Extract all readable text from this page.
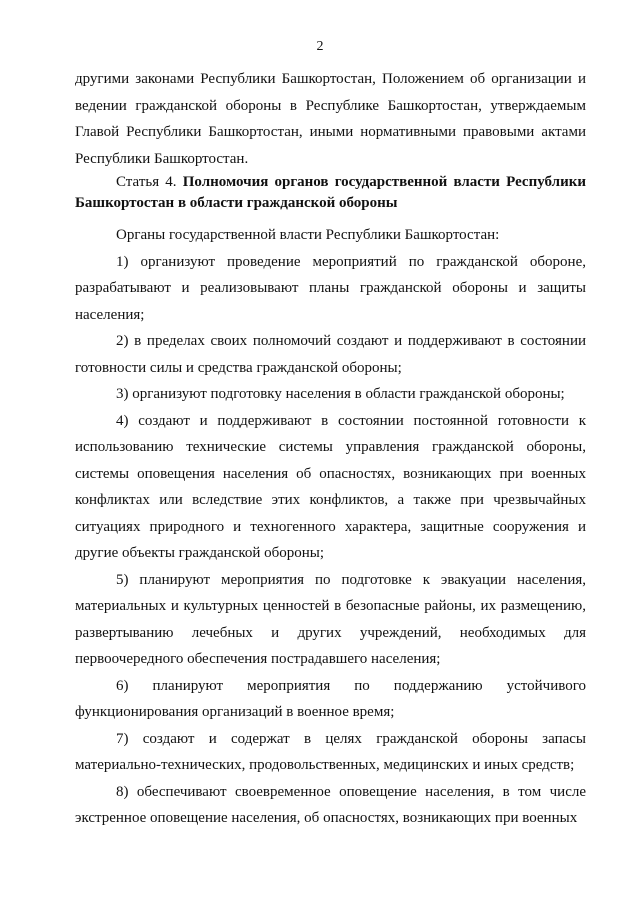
2

другими законами Республики Башкортостан, Положением об организации и ведении гражданской обороны в Республике Башкортостан, утверждаемым Главой Республики Башкортостан, иными нормативными правовыми актами Республики Башкортостан.

Статья 4. Полномочия органов государственной власти Республики Башкортостан в области гражданской обороны

Органы государственной власти Республики Башкортостан:

1) организуют проведение мероприятий по гражданской обороне, разрабатывают и реализовывают планы гражданской обороны и защиты населения;

2) в пределах своих полномочий создают и поддерживают в состоянии готовности силы и средства гражданской обороны;

3) организуют подготовку населения в области гражданской обороны;

4) создают и поддерживают в состоянии постоянной готовности к использованию технические системы управления гражданской обороны, системы оповещения населения об опасностях, возникающих при военных конфликтах или вследствие этих конфликтов, а также при чрезвычайных ситуациях природного и техногенного характера, защитные сооружения и другие объекты гражданской обороны;

5) планируют мероприятия по подготовке к эвакуации населения, материальных и культурных ценностей в безопасные районы, их размещению, развертыванию лечебных и других учреждений, необходимых для первоочередного обеспечения пострадавшего населения;

6) планируют мероприятия по поддержанию устойчивого функционирования организаций в военное время;

7) создают и содержат в целях гражданской обороны запасы материально-технических, продовольственных, медицинских и иных средств;

8) обеспечивают своевременное оповещение населения, в том числе экстренное оповещение населения, об опасностях, возникающих при военных
